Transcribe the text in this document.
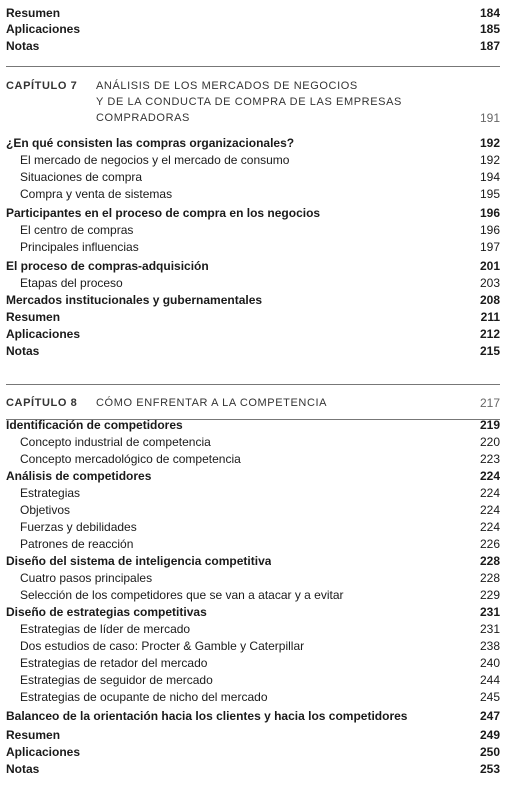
Resumen	184
Aplicaciones	185
Notas	187
CAPÍTULO 7 ANÁLISIS DE LOS MERCADOS DE NEGOCIOS
Y DE LA CONDUCTA DE COMPRA DE LAS EMPRESAS
COMPRADORAS	191
¿En qué consisten las compras organizacionales?	192
El mercado de negocios y el mercado de consumo	192
Situaciones de compra	194
Compra y venta de sistemas	195
Participantes en el proceso de compra en los negocios	196
El centro de compras	196
Principales influencias	197
El proceso de compras-adquisición	201
Etapas del proceso	203
Mercados institucionales y gubernamentales	208
Resumen	211
Aplicaciones	212
Notas	215
CAPÍTULO 8 CÓMO ENFRENTAR A LA COMPETENCIA	217
Identificación de competidores	219
Concepto industrial de competencia	220
Concepto mercadológico de competencia	223
Análisis de competidores	224
Estrategias	224
Objetivos	224
Fuerzas y debilidades	224
Patrones de reacción	226
Diseño del sistema de inteligencia competitiva	228
Cuatro pasos principales	228
Selección de los competidores que se van a atacar y a evitar	229
Diseño de estrategias competitivas	231
Estrategias de líder de mercado	231
Dos estudios de caso: Procter & Gamble y Caterpillar	238
Estrategias de retador del mercado	240
Estrategias de seguidor de mercado	244
Estrategias de ocupante de nicho del mercado	245
Balanceo de la orientación hacia los clientes y hacia los competidores	247
Resumen	249
Aplicaciones	250
Notas	253
